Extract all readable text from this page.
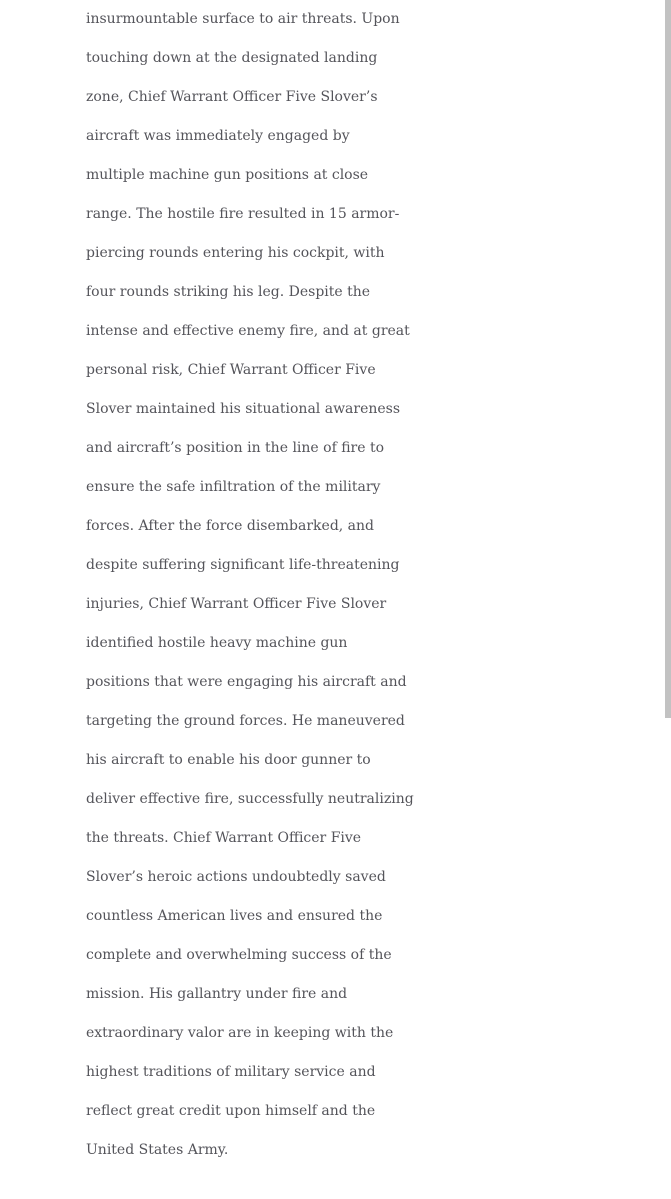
insurmountable surface to air threats. Upon
touching down at the designated landing
zone, Chief Warrant Officer Five Slover’s
aircraft was immediately engaged by
multiple machine gun positions at close
range. The hostile fire resulted in 15 armor-
piercing rounds entering his cockpit, with
four rounds striking his leg. Despite the
intense and effective enemy fire, and at great
personal risk, Chief Warrant Officer Five
Slover maintained his situational awareness
and aircraft’s position in the line of fire to
ensure the safe infiltration of the military
forces. After the force disembarked, and
despite suffering significant life-threatening
injuries, Chief Warrant Officer Five Slover
identified hostile heavy machine gun
positions that were engaging his aircraft and
targeting the ground forces. He maneuvered
his aircraft to enable his door gunner to
deliver effective fire, successfully neutralizing
the threats. Chief Warrant Officer Five
Slover’s heroic actions undoubtedly saved
countless American lives and ensured the
complete and overwhelming success of the
mission. His gallantry under fire and
extraordinary valor are in keeping with the
highest traditions of military service and
reflect great credit upon himself and the
United States Army.
